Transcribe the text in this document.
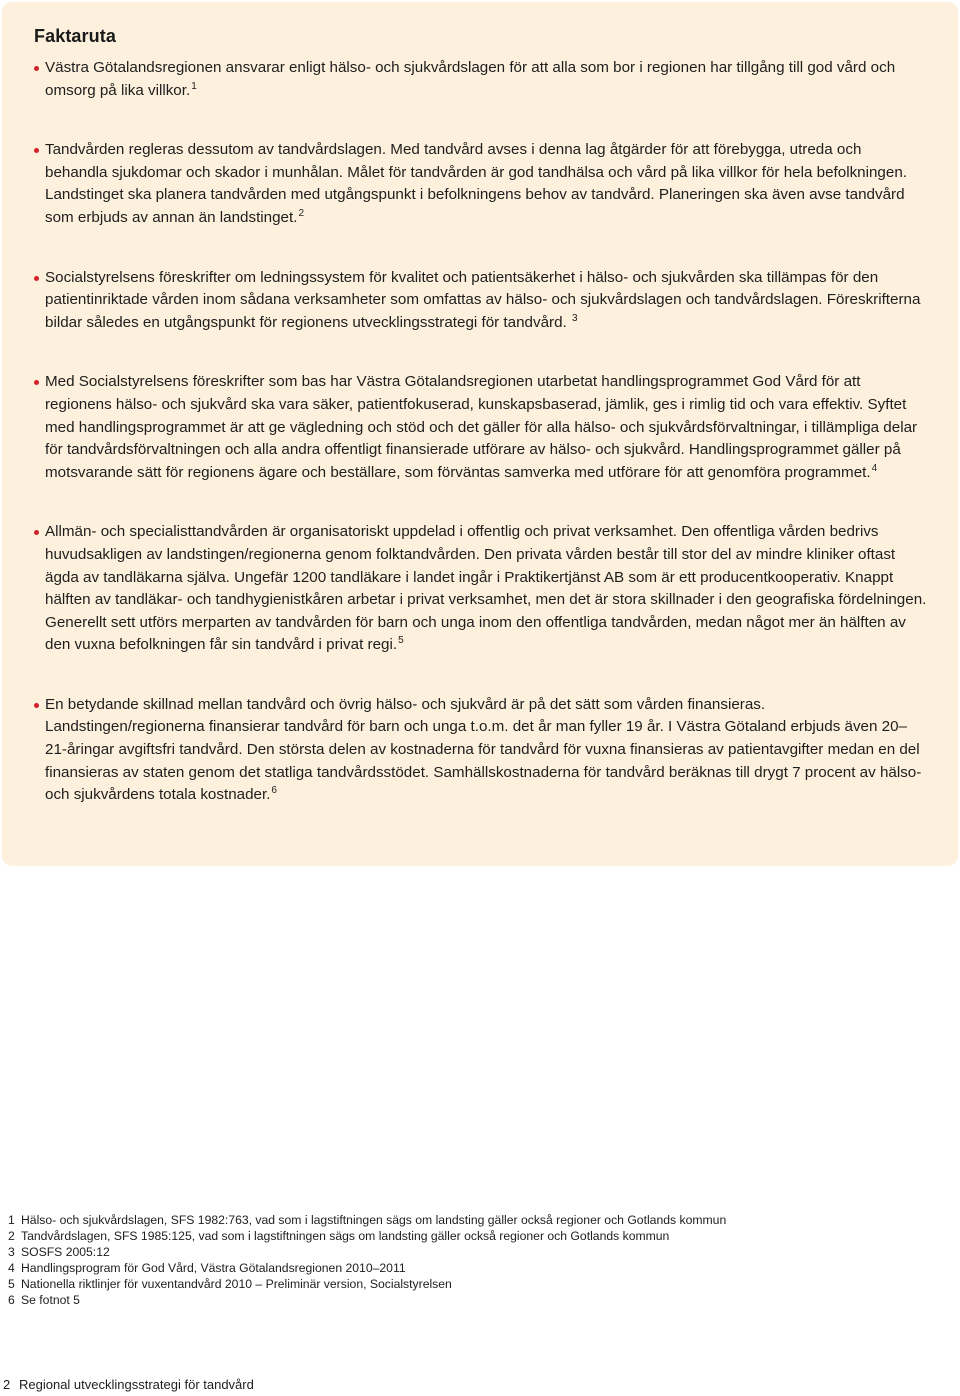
Faktaruta
Västra Götalandsregionen ansvarar enligt hälso- och sjukvårdslagen för att alla som bor i regionen har tillgång till god vård och omsorg på lika villkor.$^1$
Tandvården regleras dessutom av tandvårdslagen. Med tandvård avses i denna lag åtgärder för att förebygga, utreda och behandla sjukdomar och skador i munhålan. Målet för tandvården är god tandhälsa och vård på lika villkor för hela befolkningen. Landstinget ska planera tandvården med utgångspunkt i befolkningens behov av tandvård. Planeringen ska även avse tandvård som erbjuds av annan än landstinget.$^2$
Socialstyrelsens föreskrifter om ledningssystem för kvalitet och patientsäkerhet i hälso- och sjukvården ska tillämpas för den patientinriktade vården inom sådana verksamheter som omfattas av hälso- och sjukvårdslagen och tandvårdslagen. Föreskrifterna bildar således en utgångspunkt för regionens utvecklingsstrategi för tandvård. $^3$
Med Socialstyrelsens föreskrifter som bas har Västra Götalandsregionen utarbetat handlingsprogrammet God Vård för att regionens hälso- och sjukvård ska vara säker, patientfokuserad, kunskapsbaserad, jämlik, ges i rimlig tid och vara effektiv. Syftet med handlingsprogrammet är att ge vägledning och stöd och det gäller för alla hälso- och sjukvårdsförvaltningar, i tillämpliga delar för tandvårdsförvaltningen och alla andra offentligt finansierade utförare av hälso- och sjukvård. Handlingsprogrammet gäller på motsvarande sätt för regionens ägare och beställare, som förväntas samverka med utförare för att genomföra programmet.$^4$
Allmän- och specialisttandvården är organisatoriskt uppdelad i offentlig och privat verksamhet. Den offentliga vården bedrivs huvudsakligen av landstingen/regionerna genom folktandvården. Den privata vården består till stor del av mindre kliniker oftast ägda av tandläkarna själva. Ungefär 1200 tandläkare i landet ingår i Praktikertjänst AB som är ett producentkooperativ. Knappt hälften av tandläkar- och tandhygienistkåren arbetar i privat verksamhet, men det är stora skillnader i den geografiska fördelningen. Generellt sett utförs merparten av tandvården för barn och unga inom den offentliga tandvården, medan något mer än hälften av den vuxna befolkningen får sin tandvård i privat regi.$^5$
En betydande skillnad mellan tandvård och övrig hälso- och sjukvård är på det sätt som vården finansieras. Landstingen/regionerna finansierar tandvård för barn och unga t.o.m. det år man fyller 19 år. I Västra Götaland erbjuds även 20–21-åringar avgiftsfri tandvård. Den största delen av kostnaderna för tandvård för vuxna finansieras av patientavgifter medan en del finansieras av staten genom det statliga tandvårdsstödet. Samhällskostnaderna för tandvård beräknas till drygt 7 procent av hälso- och sjukvårdens totala kostnader.$^6$
1 Hälso- och sjukvårdslagen, SFS 1982:763, vad som i lagstiftningen sägs om landsting gäller också regioner och Gotlands kommun
2 Tandvårdslagen, SFS 1985:125, vad som i lagstiftningen sägs om landsting gäller också regioner och Gotlands kommun
3 SOSFS 2005:12
4 Handlingsprogram för God Vård, Västra Götalandsregionen 2010–2011
5 Nationella riktlinjer för vuxentandvård 2010 – Preliminär version, Socialstyrelsen
6 Se fotnot 5
2 Regional utvecklingsstrategi för tandvård
